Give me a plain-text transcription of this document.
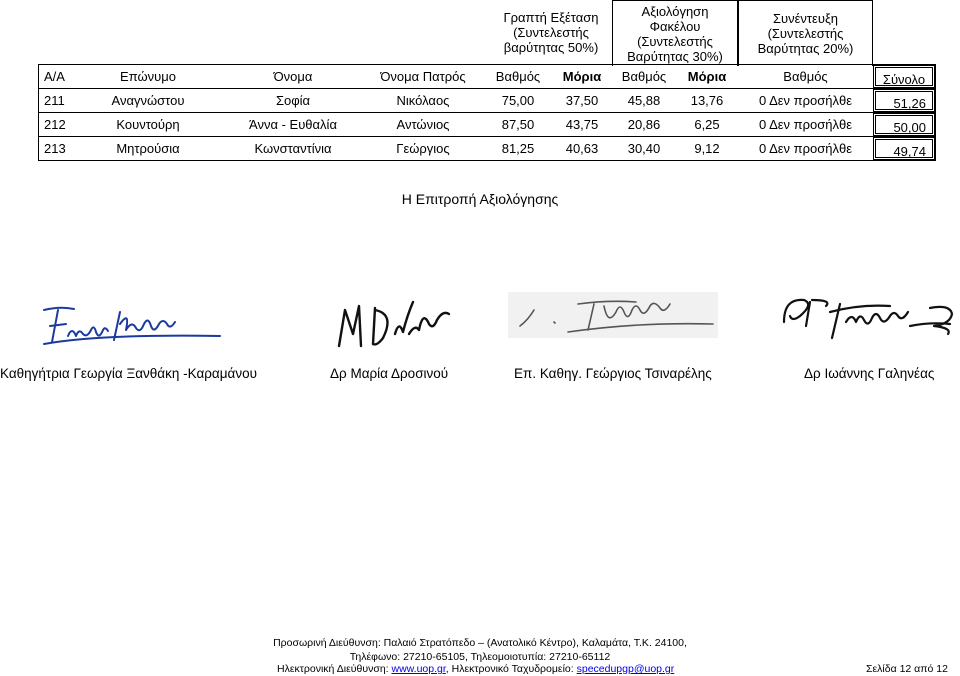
Γραπτή Εξέταση
(Συντελεστής
βαρύτητας 50%)
Αξιολόγηση
Φακέλου
(Συντελεστής
Βαρύτητας 30%)
Συνέντευξη
(Συντελεστής
Βαρύτητας 20%)
Α/Α	Επώνυμο	Όνομα	Όνομα Πατρός	Βαθμός	Μόρια	Βαθμός	Μόρια	Βαθμός	Σύνολο
211	Αναγνώστου	Σοφία	Νικόλαος	75,00	37,50	45,88	13,76	0 Δεν προσήλθε	51,26
212	Κουντούρη	Άννα - Ευθαλία	Αντώνιος	87,50	43,75	20,86	6,25	0 Δεν προσήλθε	50,00
213	Μητρούσια	Κωνσταντίνια	Γεώργιος	81,25	40,63	30,40	9,12	0 Δεν προσήλθε	49,74
Η Επιτροπή Αξιολόγησης
Καθηγήτρια Γεωργία Ξανθάκη -Καραμάνου	Δρ Μαρία Δροσινού	Επ. Καθηγ. Γεώργιος Τσιναρέλης	Δρ Ιωάννης Γαληνέας
Προσωρινή Διεύθυνση: Παλαιό Στρατόπεδο – (Ανατολικό Κέντρο), Καλαμάτα, Τ.Κ. 24100,
Τηλέφωνο: 27210-65105, Τηλεομοιοτυπία: 27210-65112
Ηλεκτρονική Διεύθυνση: www.uop.gr, Ηλεκτρονικό Ταχυδρομείο: specedupgp@uop.gr	Σελίδα 12 από 12
